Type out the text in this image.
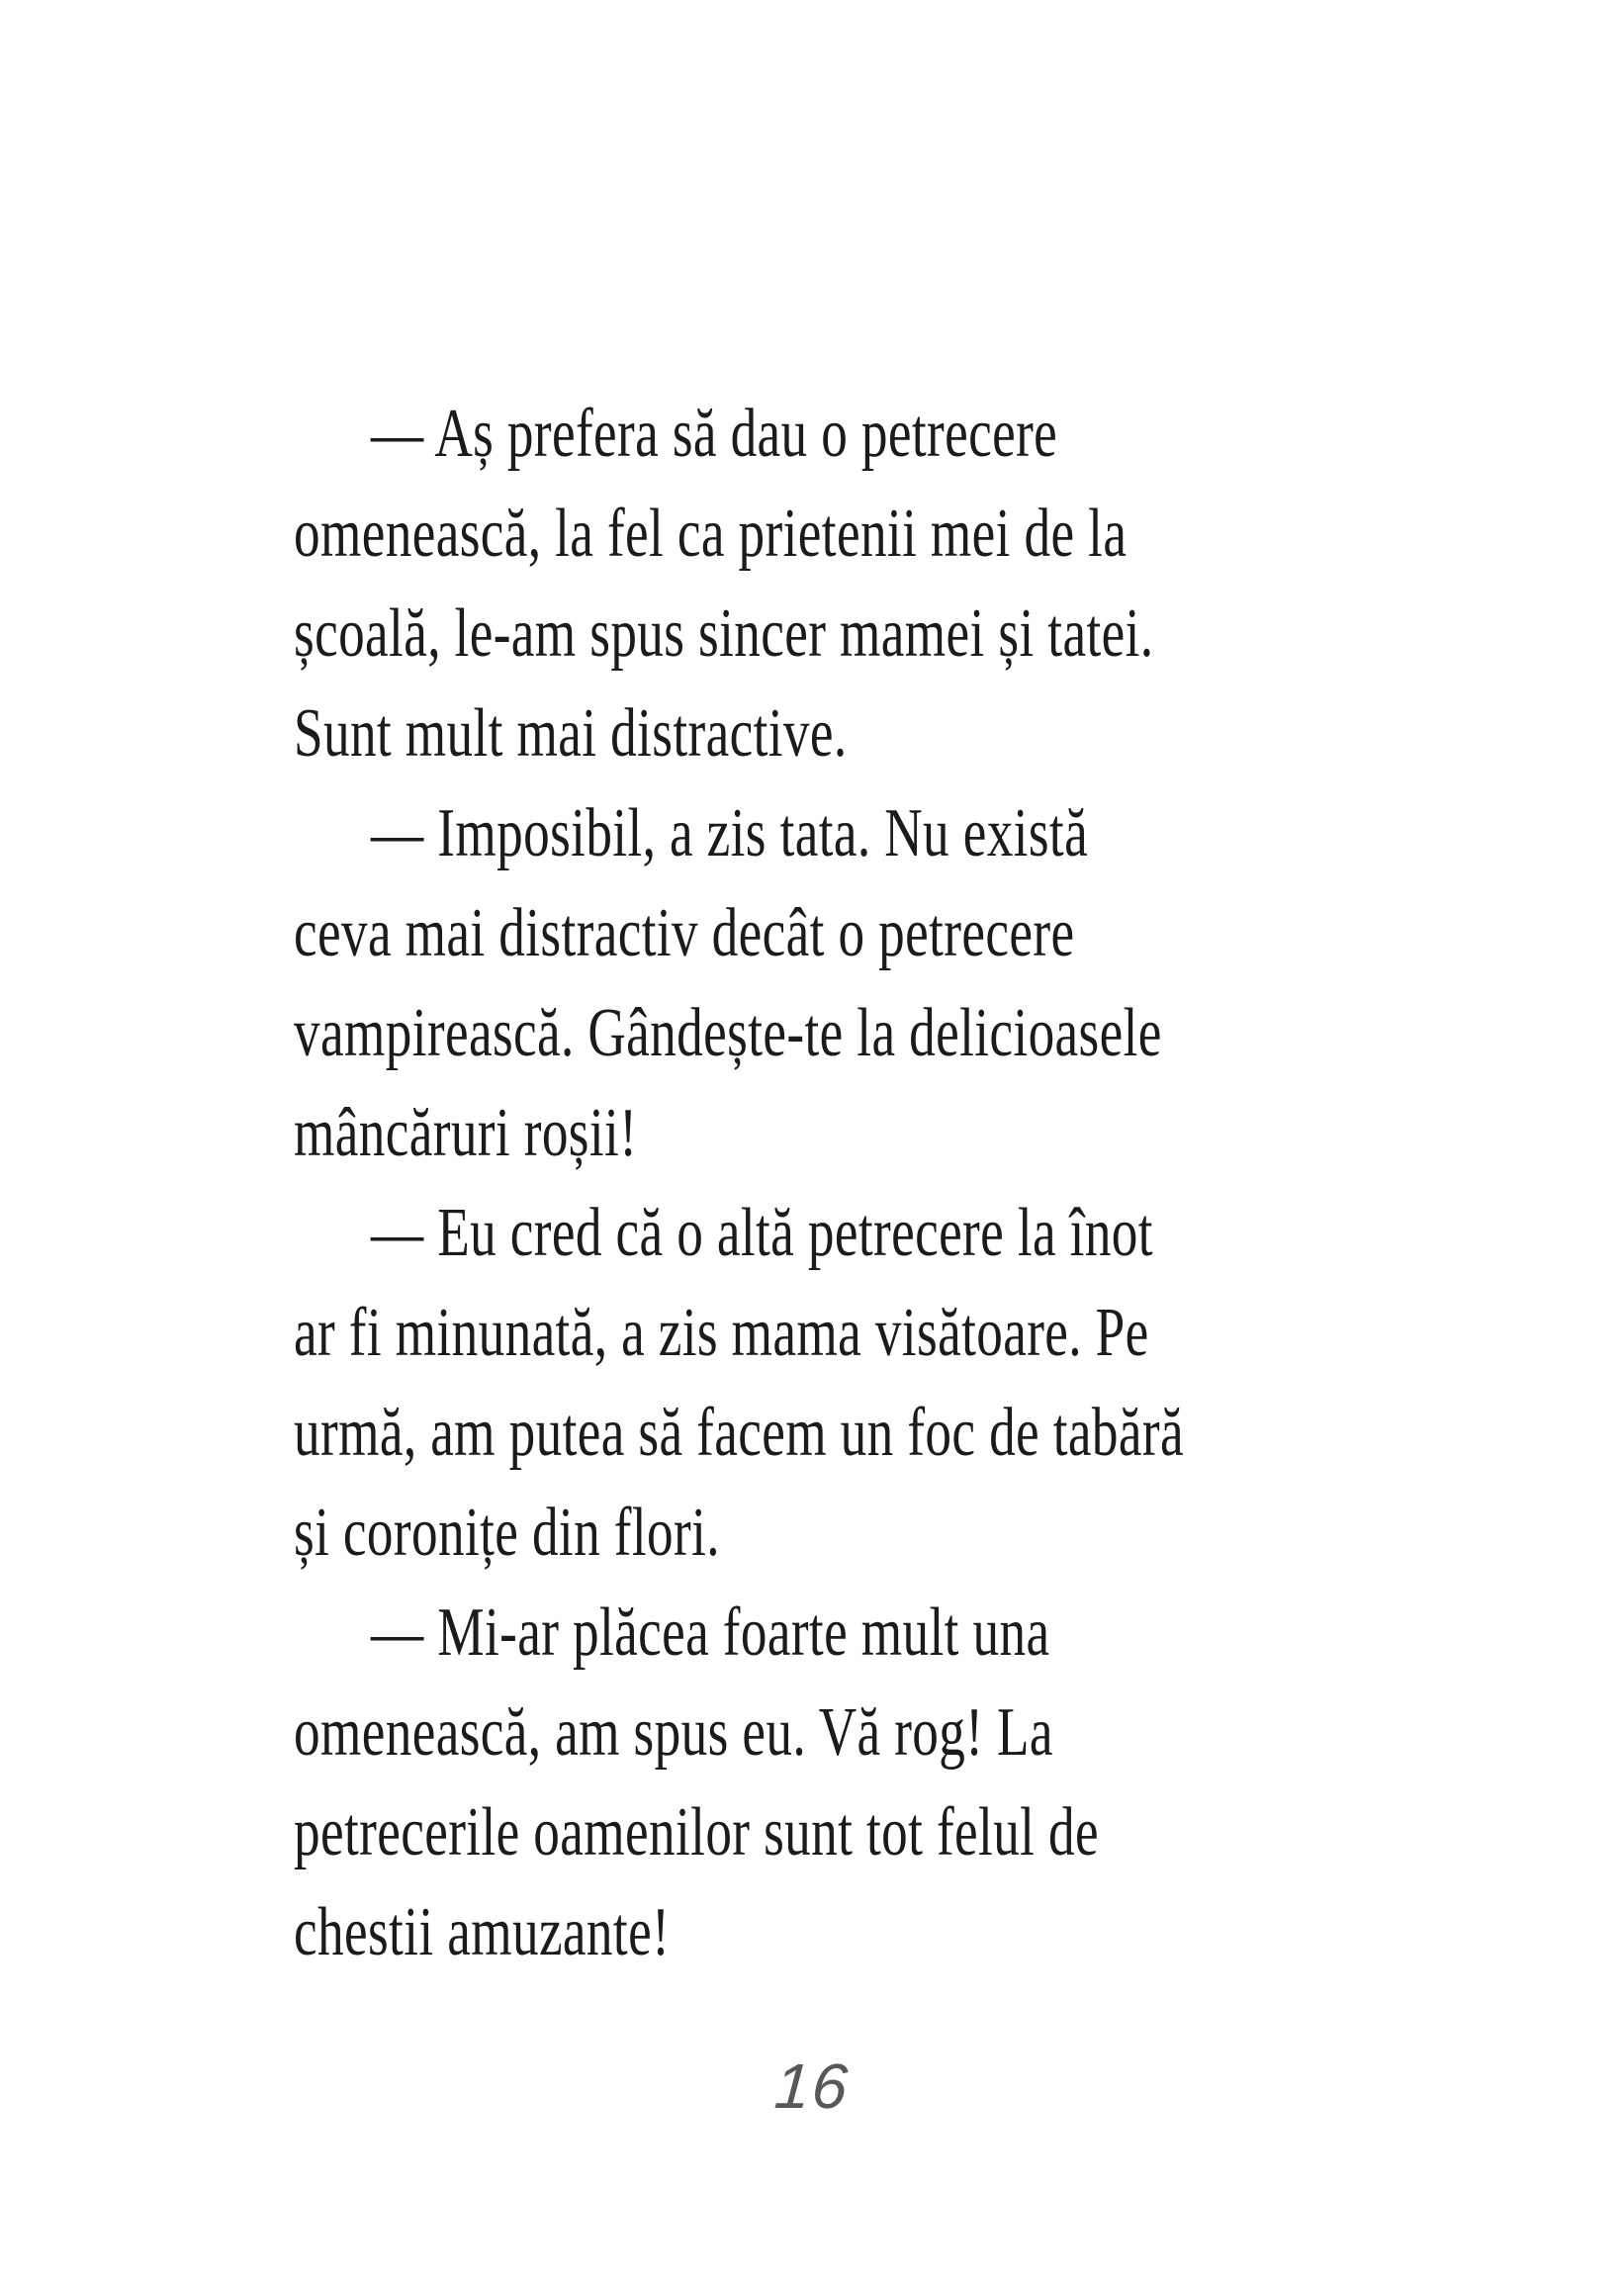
— Aș prefera să dau o petrecere
omenească, la fel ca prietenii mei de la
școală, le-am spus sincer mamei și tatei.
Sunt mult mai distractive.
— Imposibil, a zis tata. Nu există
ceva mai distractiv decât o petrecere
vampirească. Gândește-te la delicioasele
mâncăruri roșii!
— Eu cred că o altă petrecere la înot
ar fi minunată, a zis mama visătoare. Pe
urmă, am putea să facem un foc de tabără
și coronițe din flori.
— Mi-ar plăcea foarte mult una
omenească, am spus eu. Vă rog! La
petrecerile oamenilor sunt tot felul de
chestii amuzante!
16
